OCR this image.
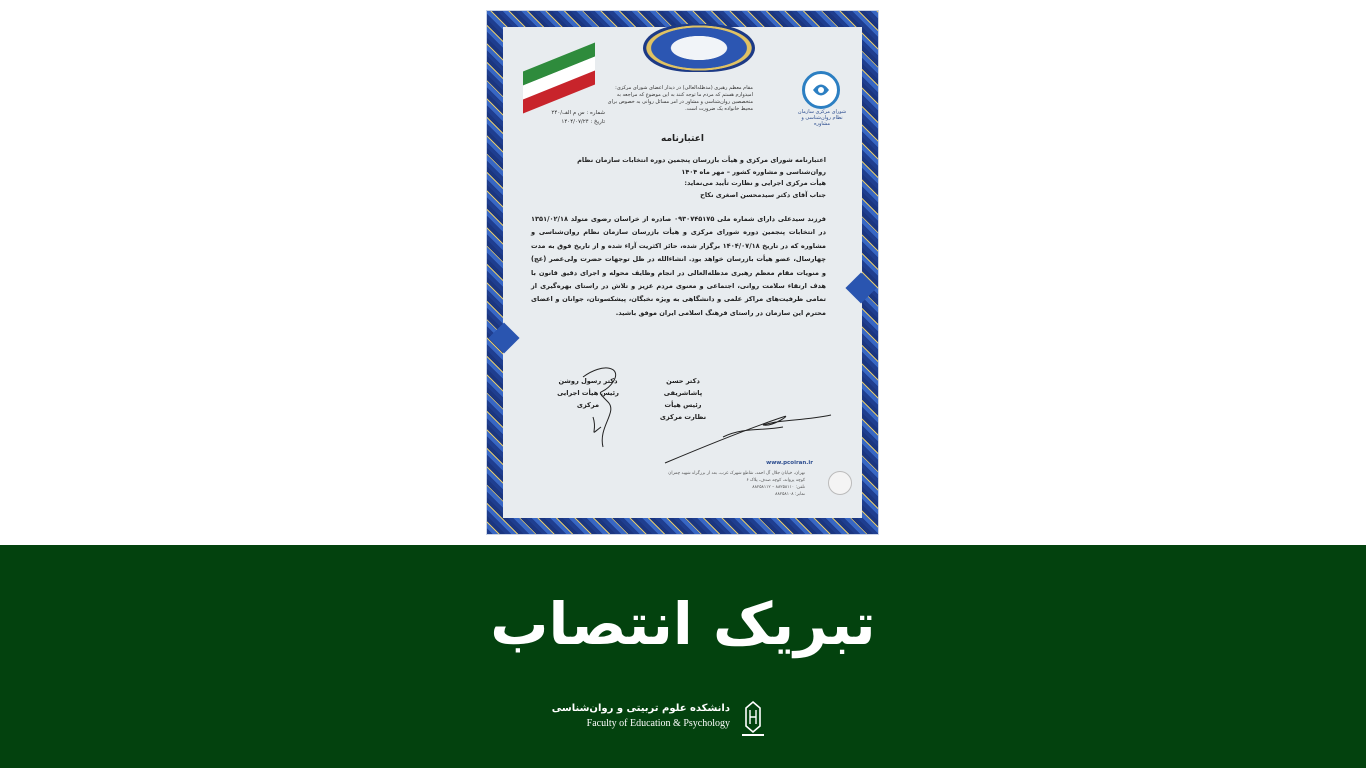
شورای مرکزی سازمان نظام روان‌شناسی و مشاوره
مقام معظم رهبری (مدظله‌العالی) در دیدار اعضای شورای مرکزی: امیدوارم هستم که مردم ما توجه کنند به این موضوع که مراجعه به متخصصین روان‌شناسی و مشاور در امر مسائل روانی به خصوص برای محیط خانواده یک ضرورت است.
شماره : س م الف/۲۴۰
تاریخ : ۱۴۰۴/۰۷/۲۴
اعتبارنامه
اعتبارنامه شورای مرکزی و هیأت بازرسان پنجمین دوره انتخابات سازمان نظام
روان‌شناسی و مشاوره کشور – مهر ماه ۱۴۰۴
هیأت مرکزی اجرایی و نظارت تأیید می‌نماید:
جناب آقای دکتر سیدمحسن اصغری نکاح
فرزند سیدعلی دارای شماره ملی ۰۹۳۰۷۴۵۱۷۵ صادره از خراسان رضوی متولد ۱۳۵۱/۰۲/۱۸ در انتخابات پنجمین دوره شورای مرکزی و هیأت بازرسان سازمان نظام روان‌شناسی و مشاوره که در تاریخ ۱۴۰۴/۰۷/۱۸ برگزار شده، حائز اکثریت آراء شده و از تاریخ فوق به مدت چهارسال، عضو هیأت بازرسان خواهد بود. انشاءالله در ظل توجهات حضرت ولی‌عصر (عج) و منویات مقام معظم رهبری مدظله‌العالی در انجام وظایف محوله و اجرای دقیق قانون با هدف ارتقاء سلامت روانی، اجتماعی و معنوی مردم عزیز و تلاش در راستای بهره‌گیری از تمامی ظرفیت‌های مراکز علمی و دانشگاهی به ویژه نخبگان، پیشکسوتان، جوانان و اعضای محترم این سازمان در راستای فرهنگ اسلامی ایران موفق باشید.
دکتر حسن پاشاشریفی
رئیس هیأت نظارت مرکزی
دکتر رسول روشن
رئیس هیأت اجرایی مرکزی
www.pcoiran.ir
تهران، خیابان جلال آل احمد، تقاطع شهرک غرب، بعد از بزرگراه شهید چمران
کوچه پروانه، کوچه صدف، پلاک ۶
تلفن: ۸۸۲۵۸۱۱۰ – ۸۸۲۵۸۱۱۲
نمابر: ۸۸۲۵۸۱۰۸
تبریک انتصاب
دانشکده علوم تربیتی و روان‌شناسی
Faculty of Education & Psychology
